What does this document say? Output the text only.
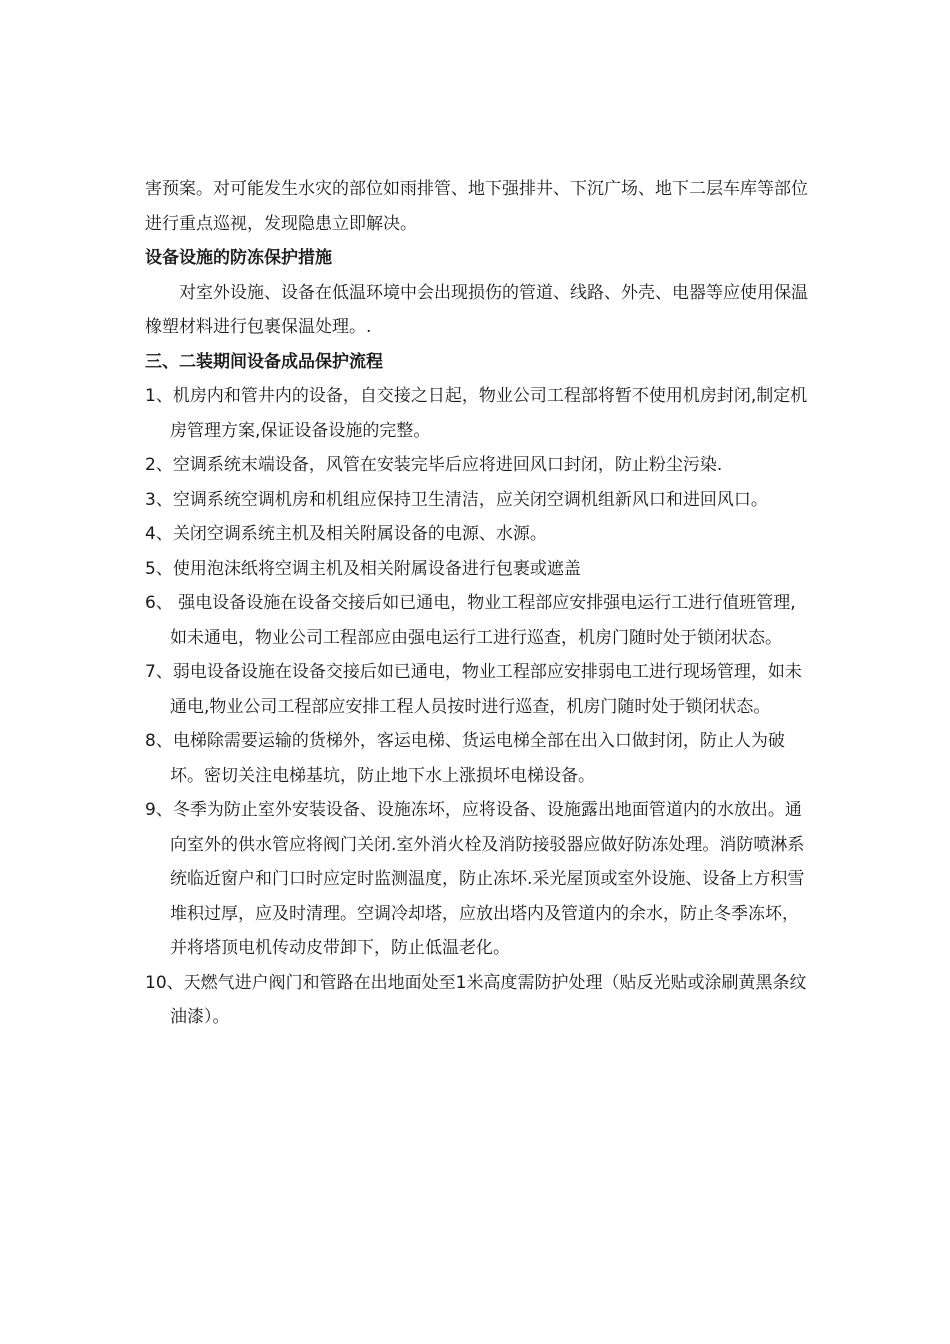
害预案。对可能发生水灾的部位如雨排管、地下强排井、下沉广场、地下二层车库等部位进行重点巡视，发现隐患立即解决。

设备设施的防冻保护措施

对室外设施、设备在低温环境中会出现损伤的管道、线路、外壳、电器等应使用保温橡塑材料进行包裹保温处理。.

三、二装期间设备成品保护流程

1、机房内和管井内的设备，自交接之日起，物业公司工程部将暂不使用机房封闭,制定机房管理方案,保证设备设施的完整。

2、空调系统末端设备，风管在安装完毕后应将进回风口封闭，防止粉尘污染.

3、空调系统空调机房和机组应保持卫生清洁，应关闭空调机组新风口和进回风口。

4、关闭空调系统主机及相关附属设备的电源、水源。

5、使用泡沫纸将空调主机及相关附属设备进行包裹或遮盖

6、 强电设备设施在设备交接后如已通电，物业工程部应安排强电运行工进行值班管理,如未通电，物业公司工程部应由强电运行工进行巡查，机房门随时处于锁闭状态。

7、弱电设备设施在设备交接后如已通电，物业工程部应安排弱电工进行现场管理，如未通电,物业公司工程部应安排工程人员按时进行巡查，机房门随时处于锁闭状态。

8、电梯除需要运输的货梯外，客运电梯、货运电梯全部在出入口做封闭，防止人为破坏。密切关注电梯基坑，防止地下水上涨损坏电梯设备。

9、冬季为防止室外安装设备、设施冻坏，应将设备、设施露出地面管道内的水放出。通向室外的供水管应将阀门关闭.室外消火栓及消防接驳器应做好防冻处理。消防喷淋系统临近窗户和门口时应定时监测温度，防止冻坏.采光屋顶或室外设施、设备上方积雪堆积过厚，应及时清理。空调冷却塔，应放出塔内及管道内的余水，防止冬季冻坏，并将塔顶电机传动皮带卸下，防止低温老化。

10、天燃气进户阀门和管路在出地面处至1米高度需防护处理（贴反光贴或涂刷黄黑条纹油漆）。
